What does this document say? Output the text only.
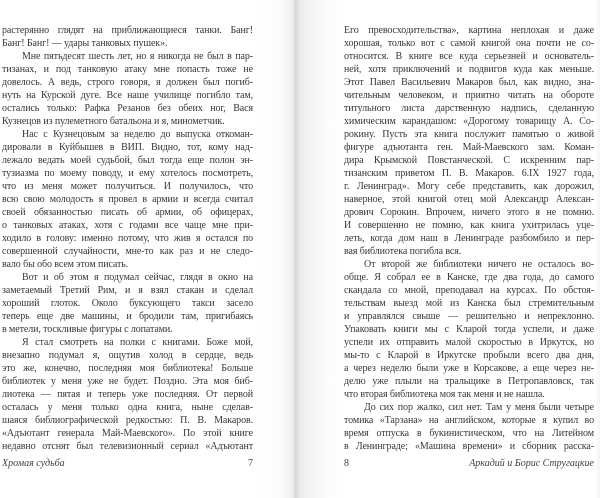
растерянно глядят на приближающиеся танки. Банг!
Банг! Банг! — удары танковых пушек».
Мне пятьдесят шесть лет, но я никогда не был в пар-
тизанах, и под танковую атаку мне попасть тоже не
довелось. А ведь, строго говоря, я должен был погиб-
нуть на Курской дуге. Все наше училище погибло там,
остались только: Рафка Резанов без обеих ног, Вася
Кузнецов из пулеметного батальона и я, минометчик.
Нас с Кузнецовым за неделю до выпуска откоман-
дировали в Куйбышев в ВИП. Видно, тот, кому над-
лежало ведать моей судьбой, был тогда еще полон эн-
тузиазма по моему поводу, и ему хотелось посмотреть,
что из меня может получиться. И получилось, что
всю свою молодость я провел в армии и всегда считал
своей обязанностью писать об армии, об офицерах,
о танковых атаках, хотя с годами все чаще мне при-
ходило в голову: именно потому, что жив я остался по
совершенной случайности, мне-то как раз и не следо-
вало бы обо всем этом писать.
Вот и об этом я подумал сейчас, глядя в окно на
заметаемый Третий Рим, и я взял стакан и сделал
хороший глоток. Около буксующего такси засело
теперь еще две машины, и бродили там, пригибаясь
в метели, тоскливые фигуры с лопатами.
Я стал смотреть на полки с книгами. Боже мой,
внезапно подумал я, ощутив холод в сердце, ведь
это же, конечно, последняя моя библиотека! Больше
библиотек у меня уже не будет. Поздно. Эта моя биб-
лиотека — пятая и теперь уже последняя. От первой
осталась у меня только одна книга, ныне сделав-
шаяся библиографической редкостью: П. В. Макаров.
«Адъютант генерала Май-Маевского». По этой книге
недавно отснят был телевизионный сериал «Адъютант
Хромая судьба	7
Его превосходительства», картина неплохая и даже
хорошая, только вот с самой книгой она почти не со-
относится. В книге все куда серьезней и основатель-
ней, хотя приключений и подвигов куда как меньше.
Этот Павел Васильевич Макаров был, как видно, зна-
чительным человеком, и приятно читать на обороте
титульного листа дарственную надпись, сделанную
химическим карандашом: «Дорогому товарищу А. Со-
рокину. Пусть эта книга послужит памятью о живой
фигуре адъютанта ген. Май-Маевского зам. Коман-
дира Крымской Повстанческой. С искренним пар-
тизанским приветом П. В. Макаров. 6.IX 1927 года,
г. Ленинград». Могу себе представить, как дорожил,
наверное, этой книгой отец мой Александр Алексан-
дрович Сорокин. Впрочем, ничего этого я не помню.
И совершенно не помню, как книга ухитрилась уце-
леть, когда дом наш в Ленинграде разбомбило и пер-
вая библиотека погибла вся.
От второй же библиотеки ничего не осталось во-
обще. Я собрал ее в Канске, где два года, до самого
скандала со мной, преподавал на курсах. По обстоя-
тельствам выезд мой из Канска был стремительным
и управлялся свыше — решительно и непреклонно.
Упаковать книги мы с Кларой тогда успели, и даже
успели их отправить малой скоростью в Иркутск, но
мы-то с Кларой в Иркутске пробыли всего два дня,
а через неделю были уже в Корсакове, а еще через не-
делю уже плыли на тральщике в Петропавловск, так
что вторая библиотека моя так меня и не нашла.
До сих пор жалко, сил нет. Там у меня были четыре
томика «Тарзана» на английском, которые я купил во
время отпуска в букинистическом, что на Литейном
в Ленинграде; «Машина времени» и сборник расска-
8	Аркадий и Борис Стругацкие
